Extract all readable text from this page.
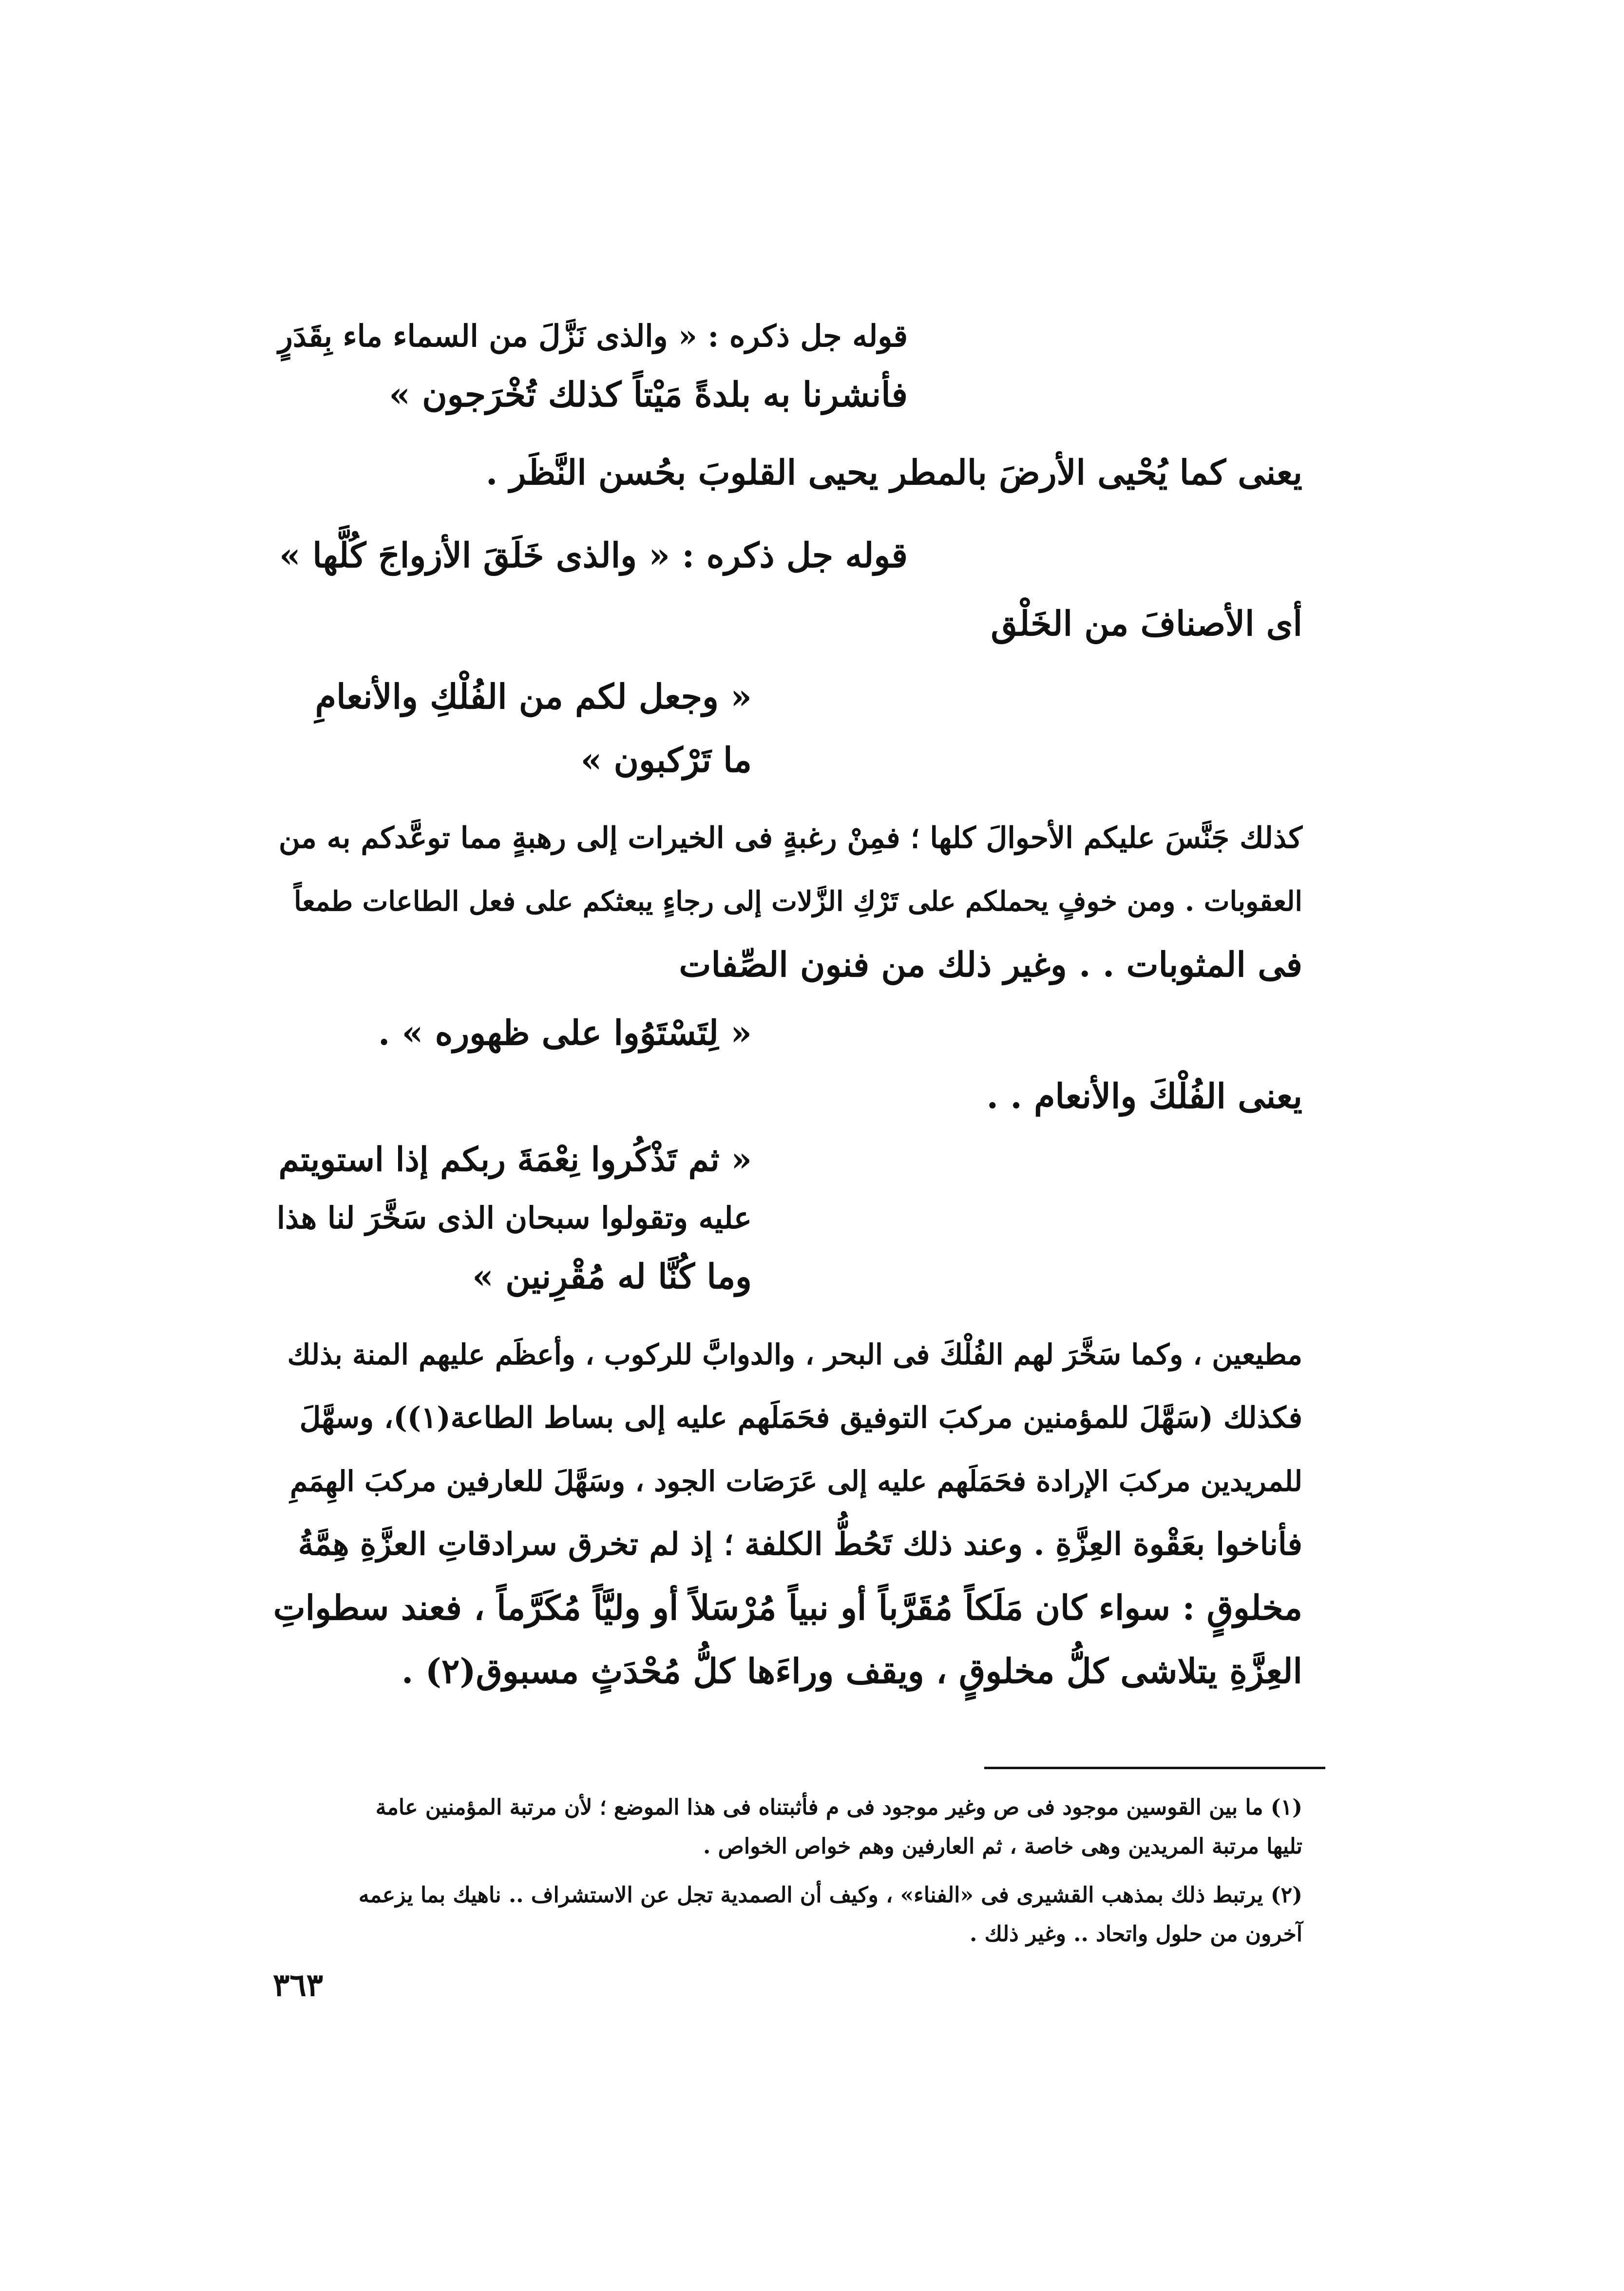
قوله جل ذكره : « والذى نَزَّلَ من السماء ماء بِقَدَرٍ

فأنشرنا به بلدةً مَيْتاً كذلك تُخْرَجون »

يعنى كما يُحْيى الأرضَ بالمطر يحيى القلوبَ بحُسن النَّظَر .

قوله جل ذكره : « والذى خَلَقَ الأزواجَ كُلَّها »

أى الأصنافَ من الخَلْق

« وجعل لكم من الفُلْكِ والأنعامِ

ما تَرْكبون »

كذلك جَنَّسَ عليكم الأحوالَ كلها ؛ فمِنْ رغبةٍ فى الخيرات إلى رهبةٍ مما توعَّدكم به من

العقوبات . ومن خوفٍ يحملكم على تَرْكِ الزَّلات إلى رجاءٍ يبعثكم على فعل الطاعات طمعاً

فى المثوبات . . وغير ذلك من فنون الصِّفات

« لِتَسْتَوُوا على ظهوره » .

يعنى الفُلْكَ والأنعام . .

« ثم تَذْكُروا نِعْمَةَ ربكم إذا استويتم

عليه وتقولوا سبحان الذى سَخَّرَ لنا هذا

وما كُنَّا له مُقْرِنين »

مطيعين ، وكما سَخَّرَ لهم الفُلْكَ فى البحر ، والدوابَّ للركوب ، وأعظَم عليهم المنة بذلك

فكذلك (سَهَّلَ للمؤمنين مركبَ التوفيق فحَمَلَهم عليه إلى بساط الطاعة(١))، وسهَّلَ

للمريدين مركبَ الإرادة فحَمَلَهم عليه إلى عَرَصَات الجود ، وسَهَّلَ للعارفين مركبَ الهِمَمِ

فأناخوا بعَقْوة العِزَّةِ . وعند ذلك تَحُطُّ الكلفة ؛ إذ لم تخرق سرادقاتِ العزَّةِ هِمَّةُ

مخلوقٍ : سواء كان مَلَكاً مُقَرَّباً أو نبياً مُرْسَلاً أو وليَّاً مُكَرَّماً ، فعند سطواتِ

العِزَّةِ يتلاشى كلُّ مخلوقٍ ، ويقف وراءَها كلُّ مُحْدَثٍ مسبوق(٢) .

(١) ما بين القوسين موجود فى ص وغير موجود فى م فأثبتناه فى هذا الموضع ؛ لأن مرتبة المؤمنين عامة

تليها مرتبة المريدين وهى خاصة ، ثم العارفين وهم خواص الخواص .

(٢) يرتبط ذلك بمذهب القشيرى فى «الفناء» ، وكيف أن الصمدية تجل عن الاستشراف .. ناهيك بما يزعمه

آخرون من حلول واتحاد .. وغير ذلك .

٣٦٣
